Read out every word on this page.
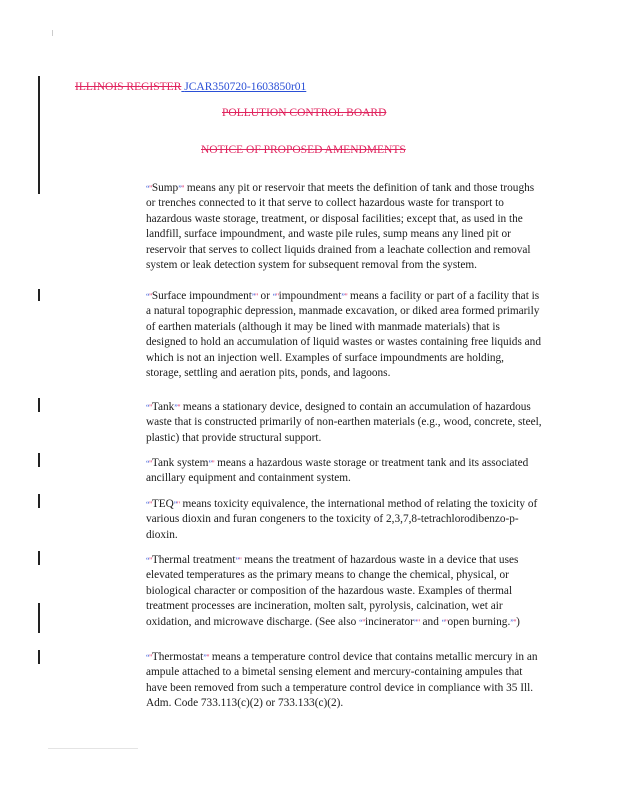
ILLINOIS REGISTER JCAR350720-1603850r01
POLLUTION CONTROL BOARD
NOTICE OF PROPOSED AMENDMENTS

“"Sump”" means any pit or reservoir that meets the definition of tank and those troughs or trenches connected to it that serve to collect hazardous waste for transport to hazardous waste storage, treatment, or disposal facilities; except that, as used in the landfill, surface impoundment, and waste pile rules, sump means any lined pit or reservoir that serves to collect liquids drained from a leachate collection and removal system or leak detection system for subsequent removal from the system.

“"Surface impoundment”" or “"impoundment”" means a facility or part of a facility that is a natural topographic depression, manmade excavation, or diked area formed primarily of earthen materials (although it may be lined with manmade materials) that is designed to hold an accumulation of liquid wastes or wastes containing free liquids and which is not an injection well. Examples of surface impoundments are holding, storage, settling and aeration pits, ponds, and lagoons.

“"Tank”" means a stationary device, designed to contain an accumulation of hazardous waste that is constructed primarily of non-earthen materials (e.g., wood, concrete, steel, plastic) that provide structural support.

“"Tank system”" means a hazardous waste storage or treatment tank and its associated ancillary equipment and containment system.

“"TEQ”" means toxicity equivalence, the international method of relating the toxicity of various dioxin and furan congeners to the toxicity of 2,3,7,8-tetrachlorodibenzo-p-dioxin.

“"Thermal treatment”" means the treatment of hazardous waste in a device that uses elevated temperatures as the primary means to change the chemical, physical, or biological character or composition of the hazardous waste. Examples of thermal treatment processes are incineration, molten salt, pyrolysis, calcination, wet air oxidation, and microwave discharge. (See also “"incinerator”" and “"open burning.”")

“"Thermostat”" means a temperature control device that contains metallic mercury in an ampule attached to a bimetal sensing element and mercury-containing ampules that have been removed from such a temperature control device in compliance with 35 Ill. Adm. Code 733.113(c)(2) or 733.133(c)(2).
